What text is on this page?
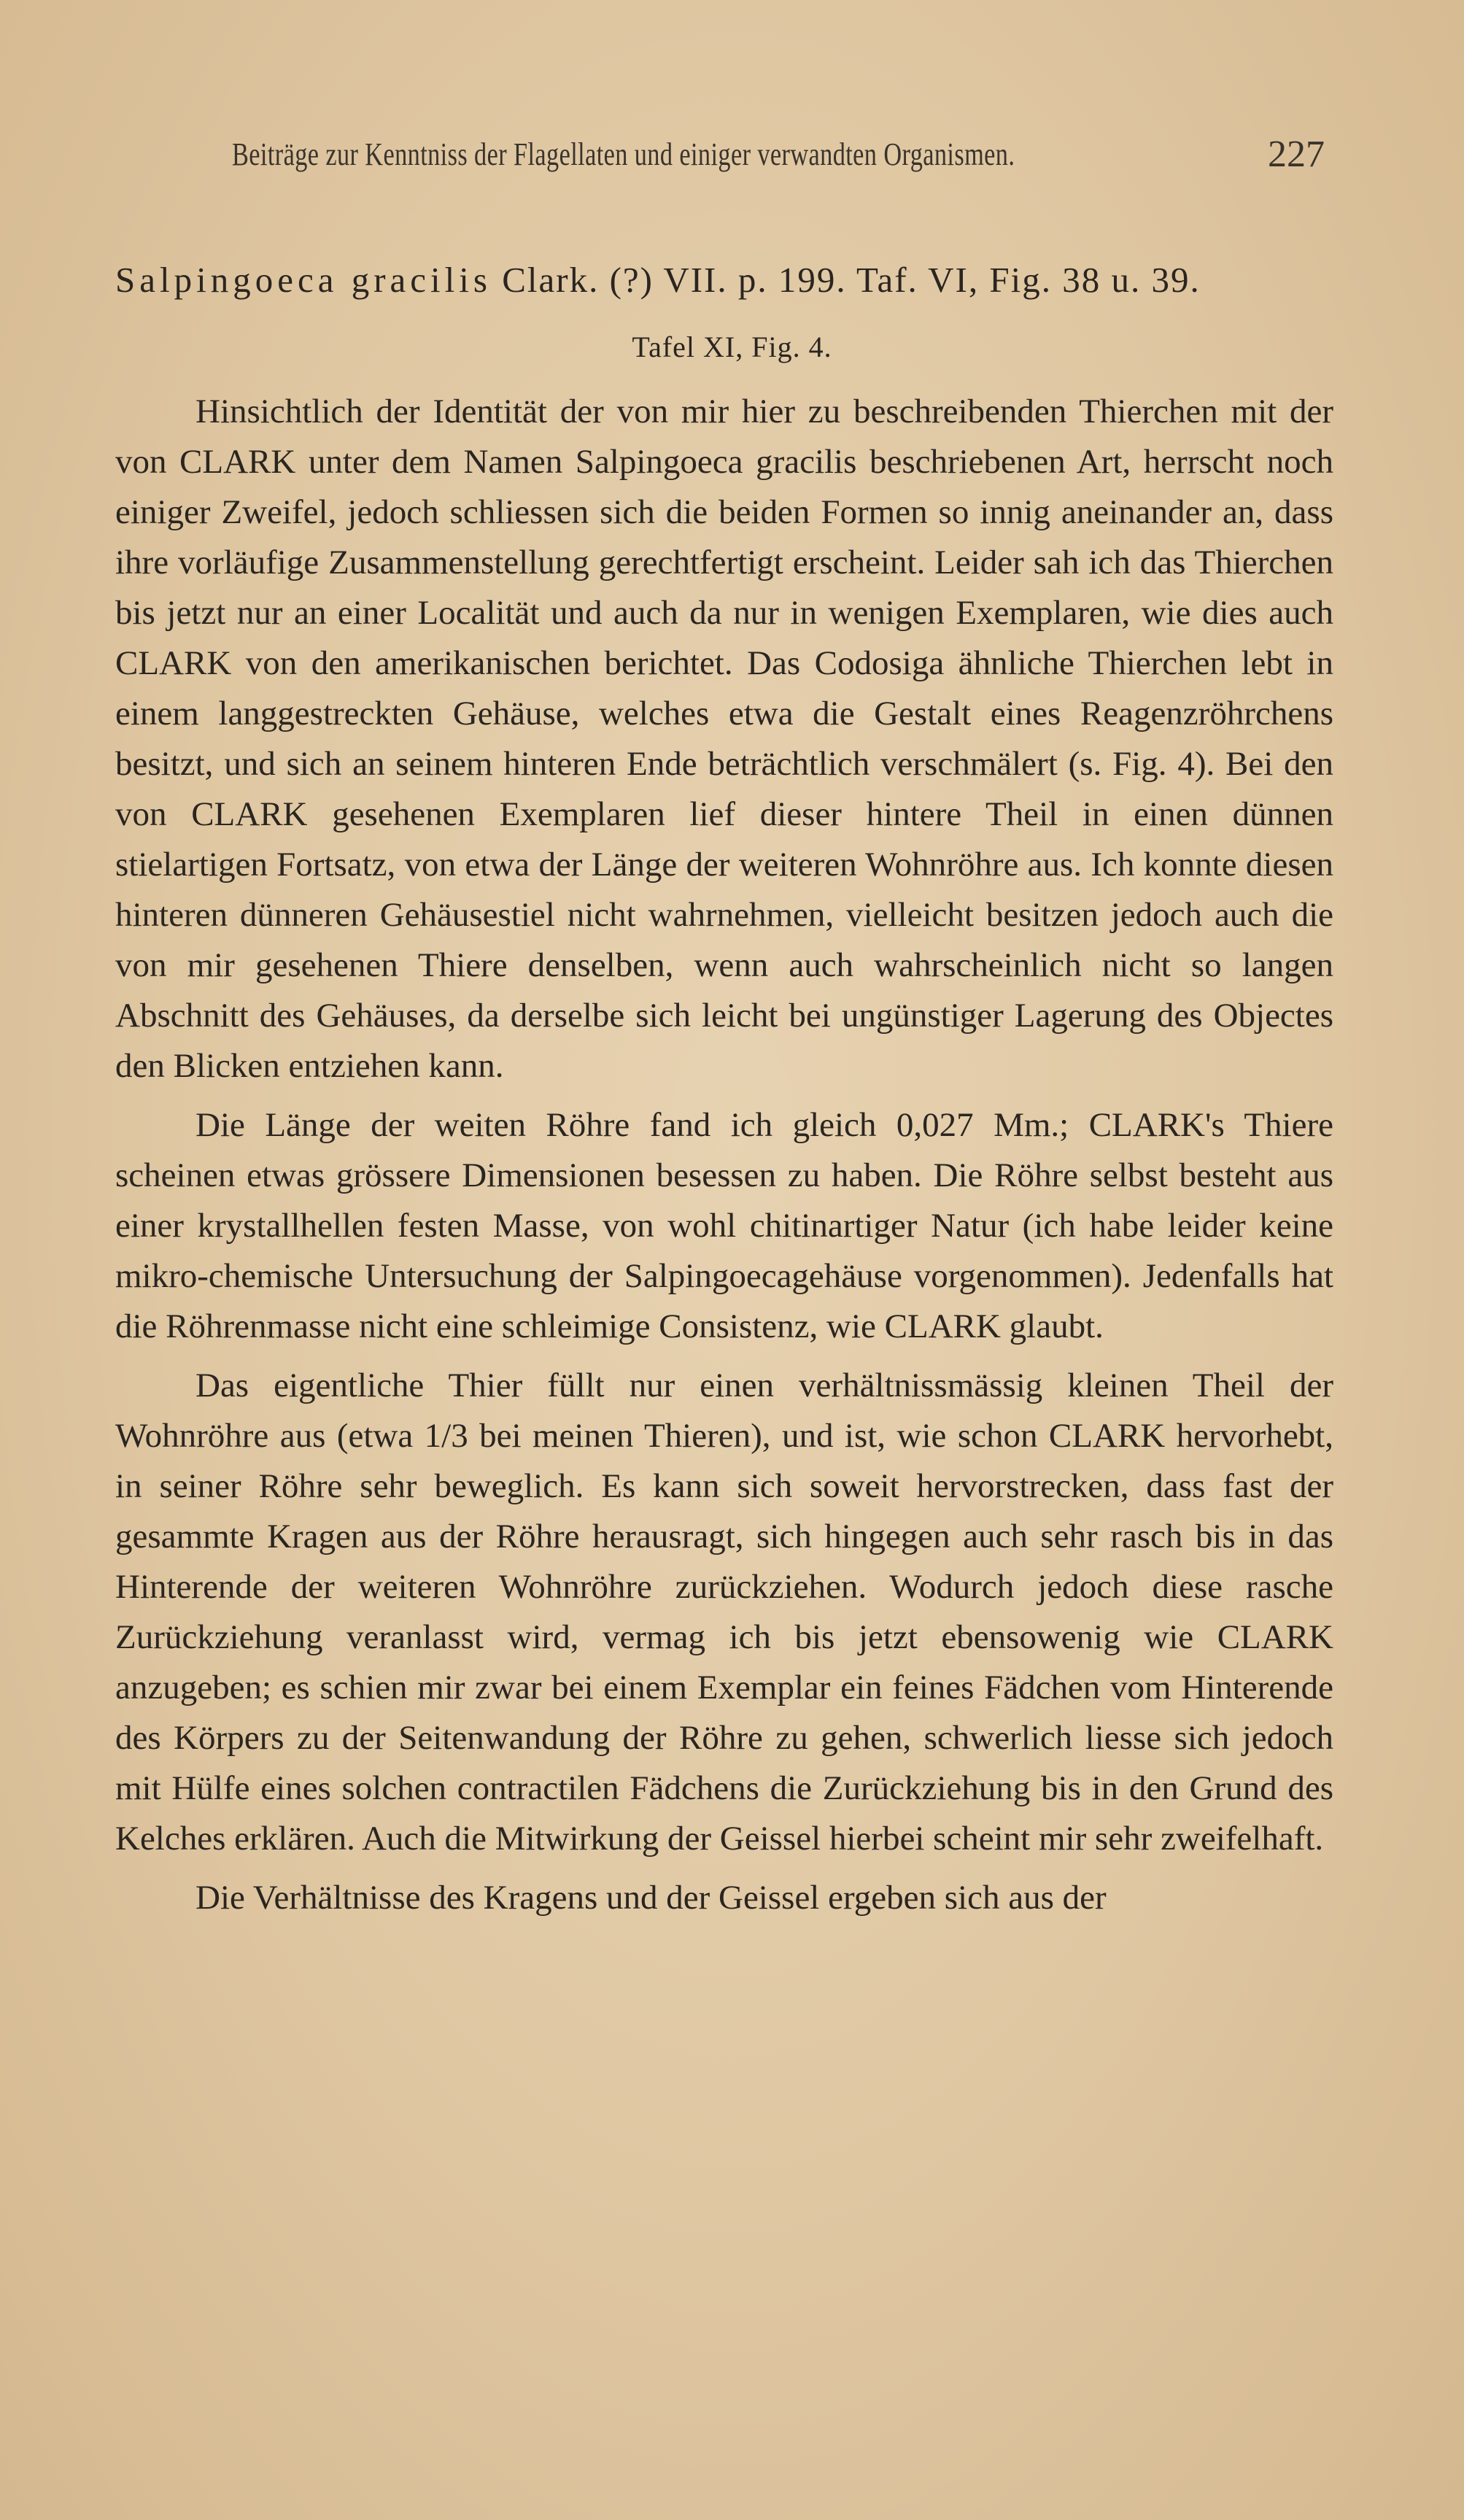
Beiträge zur Kenntniss der Flagellaten und einiger verwandten Organismen.	227
Salpingoeca gracilis Clark. (?) VII. p. 199. Taf. VI, Fig. 38 u. 39.
Tafel XI, Fig. 4.

Hinsichtlich der Identität der von mir hier zu beschreibenden Thierchen mit der von CLARK unter dem Namen Salpingoeca gracilis beschriebenen Art, herrscht noch einiger Zweifel, jedoch schliessen sich die beiden Formen so innig aneinander an, dass ihre vorläufige Zusammenstellung gerechtfertigt erscheint. Leider sah ich das Thierchen bis jetzt nur an einer Localität und auch da nur in wenigen Exemplaren, wie dies auch CLARK von den amerikanischen berichtet. Das Codosiga ähnliche Thierchen lebt in einem langgestreckten Gehäuse, welches etwa die Gestalt eines Reagenzröhrchens besitzt, und sich an seinem hinteren Ende beträchtlich verschmälert (s. Fig. 4). Bei den von CLARK gesehenen Exemplaren lief dieser hintere Theil in einen dünnen stielartigen Fortsatz, von etwa der Länge der weiteren Wohnröhre aus. Ich konnte diesen hinteren dünneren Gehäusestiel nicht wahrnehmen, vielleicht besitzen jedoch auch die von mir gesehenen Thiere denselben, wenn auch wahrscheinlich nicht so langen Abschnitt des Gehäuses, da derselbe sich leicht bei ungünstiger Lagerung des Objectes den Blicken entziehen kann.

Die Länge der weiten Röhre fand ich gleich 0,027 Mm.; CLARK's Thiere scheinen etwas grössere Dimensionen besessen zu haben. Die Röhre selbst besteht aus einer krystallhellen festen Masse, von wohl chitinartiger Natur (ich habe leider keine mikro-chemische Untersuchung der Salpingoecagehäuse vorgenommen). Jedenfalls hat die Röhrenmasse nicht eine schleimige Consistenz, wie CLARK glaubt.

Das eigentliche Thier füllt nur einen verhältnissmässig kleinen Theil der Wohnröhre aus (etwa 1/3 bei meinen Thieren), und ist, wie schon CLARK hervorhebt, in seiner Röhre sehr beweglich. Es kann sich soweit hervorstrecken, dass fast der gesammte Kragen aus der Röhre herausragt, sich hingegen auch sehr rasch bis in das Hinterende der weiteren Wohnröhre zurückziehen. Wodurch jedoch diese rasche Zurückziehung veranlasst wird, vermag ich bis jetzt ebensowenig wie CLARK anzugeben; es schien mir zwar bei einem Exemplar ein feines Fädchen vom Hinterende des Körpers zu der Seitenwandung der Röhre zu gehen, schwerlich liesse sich jedoch mit Hülfe eines solchen contractilen Fädchens die Zurückziehung bis in den Grund des Kelches erklären. Auch die Mitwirkung der Geissel hierbei scheint mir sehr zweifelhaft.

Die Verhältnisse des Kragens und der Geissel ergeben sich aus der
